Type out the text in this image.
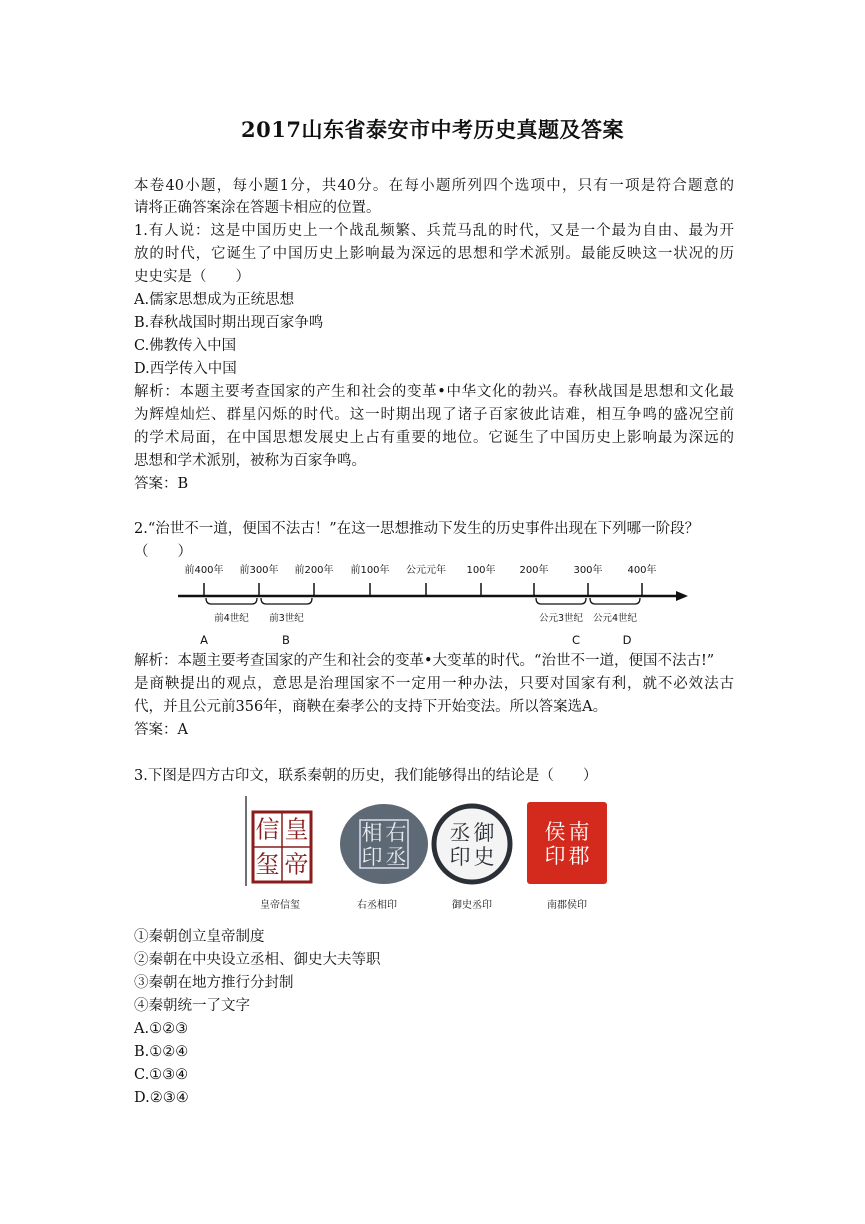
2017山东省泰安市中考历史真题及答案
本卷40小题，每小题1分，共40分。在每小题所列四个选项中，只有一项是符合题意的
请将正确答案涂在答题卡相应的位置。
1.有人说：这是中国历史上一个战乱频繁、兵荒马乱的时代，又是一个最为自由、最为开
放的时代，它诞生了中国历史上影响最为深远的思想和学术派别。最能反映这一状况的历
史史实是（　　）
A.儒家思想成为正统思想
B.春秋战国时期出现百家争鸣
C.佛教传入中国
D.西学传入中国
解析：本题主要考查国家的产生和社会的变革•中华文化的勃兴。春秋战国是思想和文化最
为辉煌灿烂、群星闪烁的时代。这一时期出现了诸子百家彼此诘难，相互争鸣的盛况空前
的学术局面，在中国思想发展史上占有重要的地位。它诞生了中国历史上影响最为深远的
思想和学术派别，被称为百家争鸣。
答案：B
2.“治世不一道，便国不法古！”在这一思想推动下发生的历史事件出现在下列哪一阶段？
（　　）
前400年 前300年 前200年 前100年 公元元年 100年 200年 300年 400年
前4世纪
A
前3世纪
B
公元3世纪
C
公元4世纪
D
解析：本题主要考查国家的产生和社会的变革•大变革的时代。“治世不一道，便国不法古!”
是商鞅提出的观点，意思是治理国家不一定用一种办法，只要对国家有利，就不必效法古
代，并且公元前356年，商鞅在秦孝公的支持下开始变法。所以答案选A。
答案：A
3.下图是四方古印文，联系秦朝的历史，我们能够得出的结论是（　　）
皇
帝
信
玺
皇帝信玺
右
丞
相
印
右丞相印
御
史
丞
印
御史丞印
南
郡
侯
印
南郡侯印
①秦朝创立皇帝制度
②秦朝在中央设立丞相、御史大夫等职
③秦朝在地方推行分封制
④秦朝统一了文字
A.①②③
B.①②④
C.①③④
D.②③④
